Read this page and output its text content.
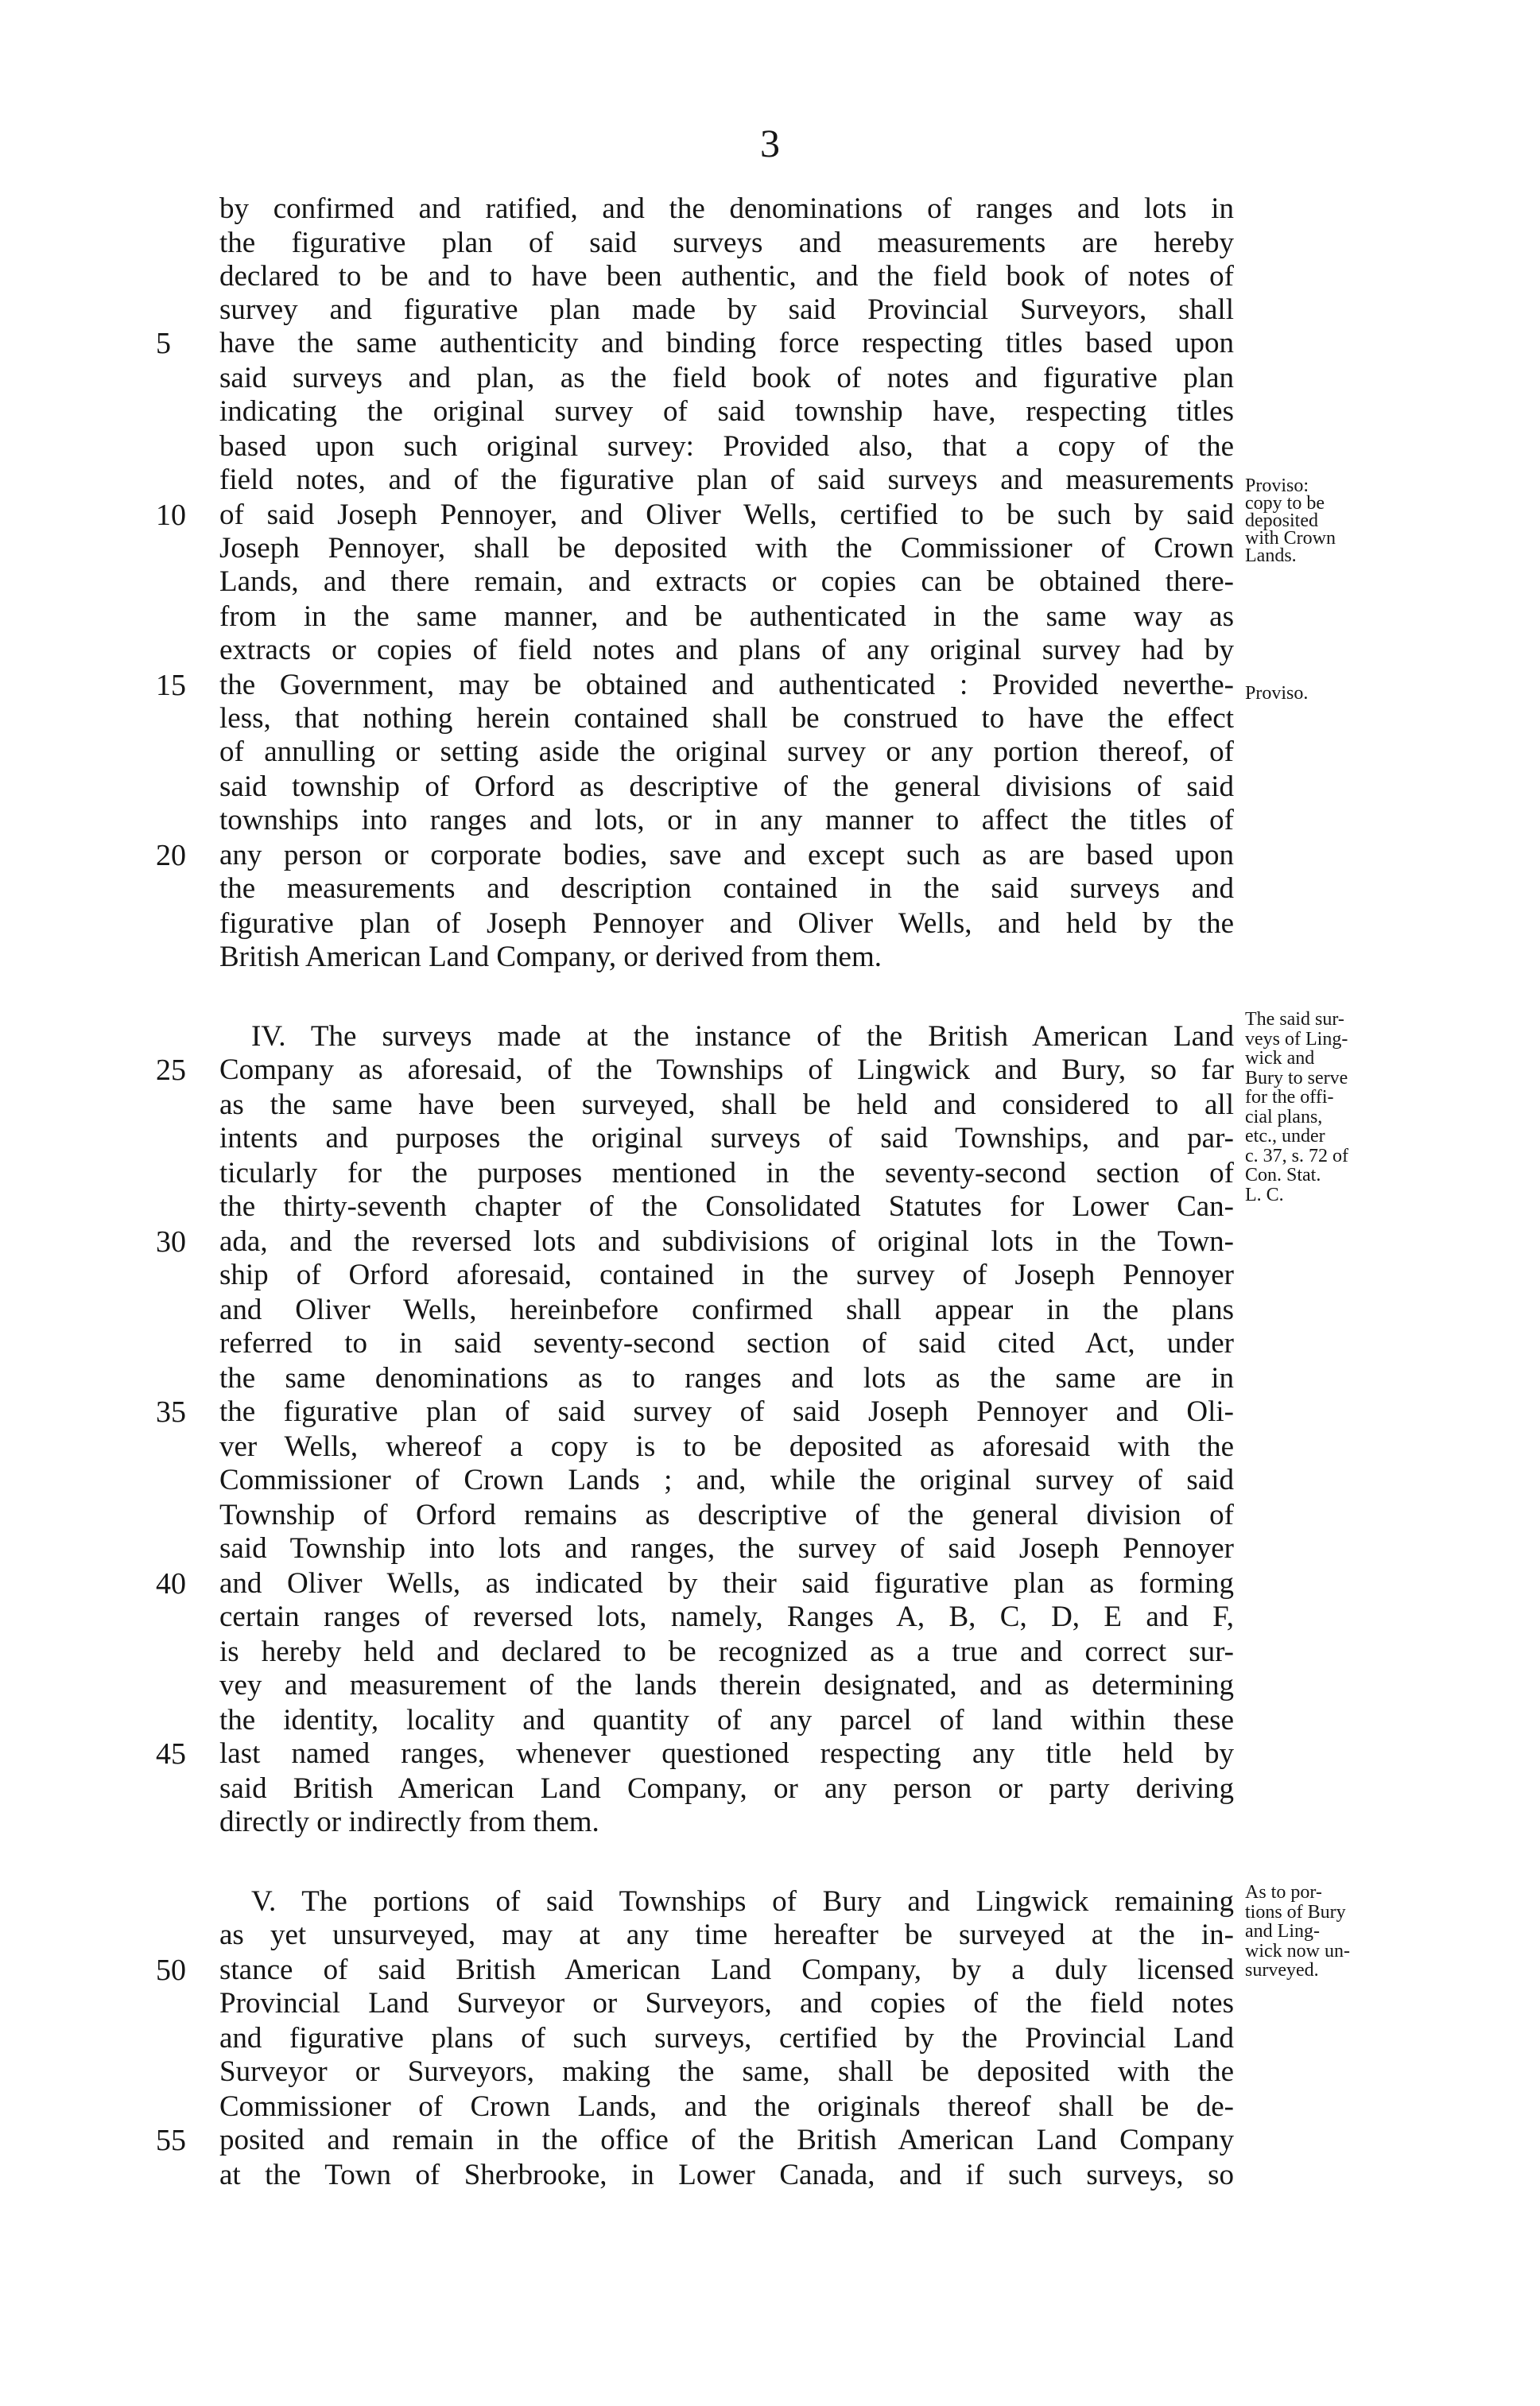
3
by confirmed and ratified, and the denominations of ranges and lots in
the figurative plan of said surveys and measurements are hereby
declared to be and to have been authentic, and the field book of notes of
survey and figurative plan made by said Provincial Surveyors, shall
have the same authenticity and binding force respecting titles based upon
5
said surveys and plan, as the field book of notes and figurative plan
indicating the original survey of said township have, respecting titles
based upon such original survey: Provided also, that a copy of the
field notes, and of the figurative plan of said surveys and measurements
of said Joseph Pennoyer, and Oliver Wells, certified to be such by said
10
Joseph Pennoyer, shall be deposited with the Commissioner of Crown
Lands, and there remain, and extracts or copies can be obtained there-
from in the same manner, and be authenticated in the same way as
extracts or copies of field notes and plans of any original survey had by
the Government, may be obtained and authenticated : Provided neverthe-
15
less, that nothing herein contained shall be construed to have the effect
of annulling or setting aside the original survey or any portion thereof, of
said township of Orford as descriptive of the general divisions of said
townships into ranges and lots, or in any manner to affect the titles of
any person or corporate bodies, save and except such as are based upon
20
the measurements and description contained in the said surveys and
figurative plan of Joseph Pennoyer and Oliver Wells, and held by the
British American Land Company, or derived from them.
IV. The surveys made at the instance of the British American Land
Company as aforesaid, of the Townships of Lingwick and Bury, so far
25
as the same have been surveyed, shall be held and considered to all
intents and purposes the original surveys of said Townships, and par-
ticularly for the purposes mentioned in the seventy-second section of
the thirty-seventh chapter of the Consolidated Statutes for Lower Can-
ada, and the reversed lots and subdivisions of original lots in the Town-
30
ship of Orford aforesaid, contained in the survey of Joseph Pennoyer
and Oliver Wells, hereinbefore confirmed shall appear in the plans
referred to in said seventy-second section of said cited Act, under
the same denominations as to ranges and lots as the same are in
the figurative plan of said survey of said Joseph Pennoyer and Oli-
35
ver Wells, whereof a copy is to be deposited as aforesaid with the
Commissioner of Crown Lands ; and, while the original survey of said
Township of Orford remains as descriptive of the general division of
said Township into lots and ranges, the survey of said Joseph Pennoyer
and Oliver Wells, as indicated by their said figurative plan as forming
40
certain ranges of reversed lots, namely, Ranges A, B, C, D, E and F,
is hereby held and declared to be recognized as a true and correct sur-
vey and measurement of the lands therein designated, and as determining
the identity, locality and quantity of any parcel of land within these
last named ranges, whenever questioned respecting any title held by
45
said British American Land Company, or any person or party deriving
directly or indirectly from them.
V. The portions of said Townships of Bury and Lingwick remaining
as yet unsurveyed, may at any time hereafter be surveyed at the in-
stance of said British American Land Company, by a duly licensed
50
Provincial Land Surveyor or Surveyors, and copies of the field notes
and figurative plans of such surveys, certified by the Provincial Land
Surveyor or Surveyors, making the same, shall be deposited with the
Commissioner of Crown Lands, and the originals thereof shall be de-
posited and remain in the office of the British American Land Company
55
at the Town of Sherbrooke, in Lower Canada, and if such surveys, so
Proviso:
copy to be
deposited
with Crown
Lands.
Proviso.
The said sur-
veys of Ling-
wick and
Bury to serve
for the offi-
cial plans,
etc., under
c. 37, s. 72 of
Con. Stat.
L. C.
As to por-
tions of Bury
and Ling-
wick now un-
surveyed.
